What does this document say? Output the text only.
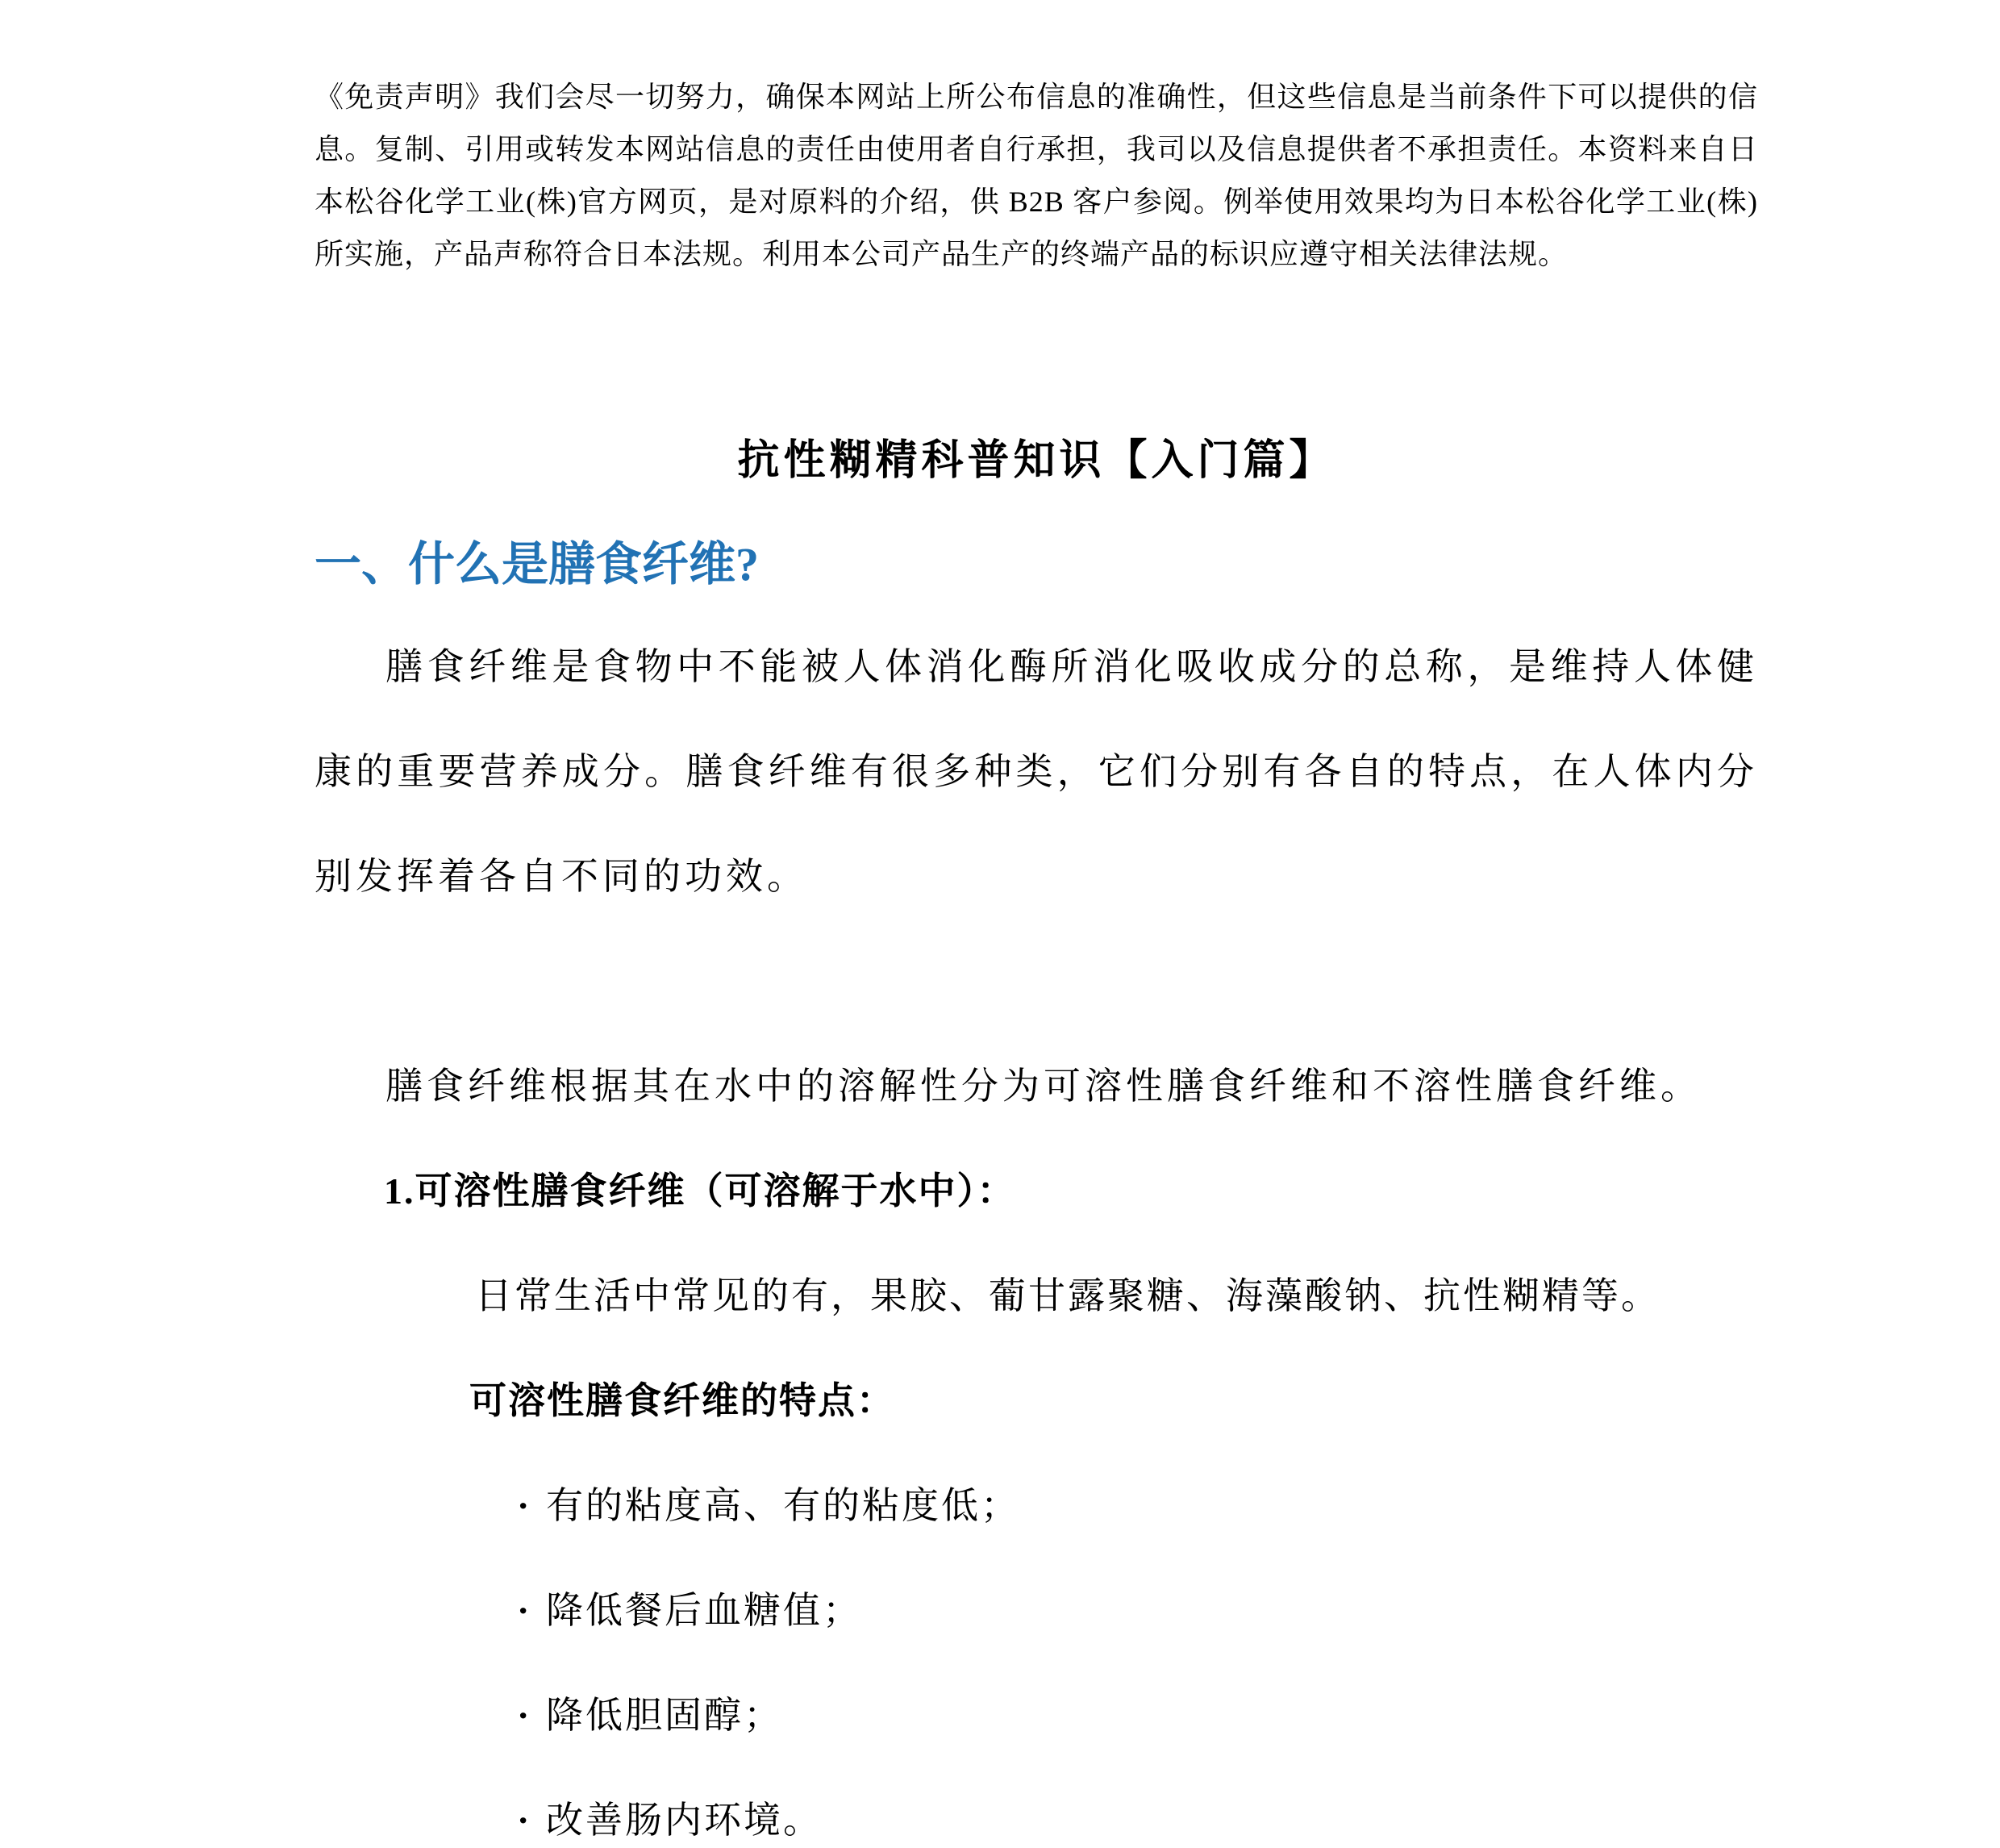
《免责声明》我们会尽一切努力，确保本网站上所公布信息的准确性，但这些信息是当前条件下可以提供的信息。复制、引用或转发本网站信息的责任由使用者自行承担，我司以及信息提供者不承担责任。本资料来自日本松谷化学工业(株)官方网页，是对原料的介绍，供 B2B 客户参阅。例举使用效果均为日本松谷化学工业(株)所实施，产品声称符合日本法规。利用本公司产品生产的终端产品的标识应遵守相关法律法规。

抗性糊精科普知识【入门篇】
一、什么是膳食纤维?
膳食纤维是食物中不能被人体消化酶所消化吸收成分的总称，是维持人体健康的重要营养成分。膳食纤维有很多种类，它们分别有各自的特点，在人体内分别发挥着各自不同的功效。
膳食纤维根据其在水中的溶解性分为可溶性膳食纤维和不溶性膳食纤维。
1.可溶性膳食纤维（可溶解于水中）：
日常生活中常见的有，果胶、葡甘露聚糖、海藻酸钠、抗性糊精等。
可溶性膳食纤维的特点：
· 有的粘度高、有的粘度低；
· 降低餐后血糖值；
· 降低胆固醇；
· 改善肠内环境。
